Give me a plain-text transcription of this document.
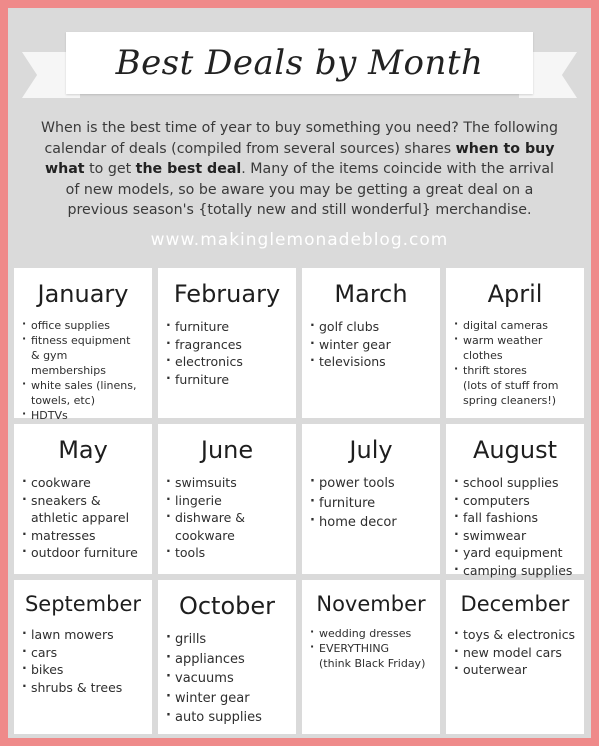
Best Deals by Month
When is the best time of year to buy something you need? The following calendar of deals (compiled from several sources) shares when to buy what to get the best deal. Many of the items coincide with the arrival of new models, so be aware you may be getting a great deal on a previous season's {totally new and still wonderful} merchandise.
www.makinglemonadeblog.com
January
· office supplies
· fitness equipment
& gym memberships
· white sales (linens,
towels, etc)
· HDTVs
February
· furniture
· fragrances
· electronics
· furniture
March
· golf clubs
· winter gear
· televisions
April
· digital cameras
· warm weather clothes
· thrift stores
(lots of stuff from
spring cleaners!)
May
· cookware
· sneakers &
athletic apparel
· matresses
· outdoor furniture
June
· swimsuits
· lingerie
· dishware &
cookware
· tools
July
· power tools
· furniture
· home decor
August
· school supplies
· computers
· fall fashions
· swimwear
· yard equipment
· camping supplies
September
· lawn mowers
· cars
· bikes
· shrubs & trees
October
· grills
· appliances
· vacuums
· winter gear
· auto supplies
November
· wedding dresses
· EVERYTHING
(think Black Friday)
December
· toys & electronics
· new model cars
· outerwear
